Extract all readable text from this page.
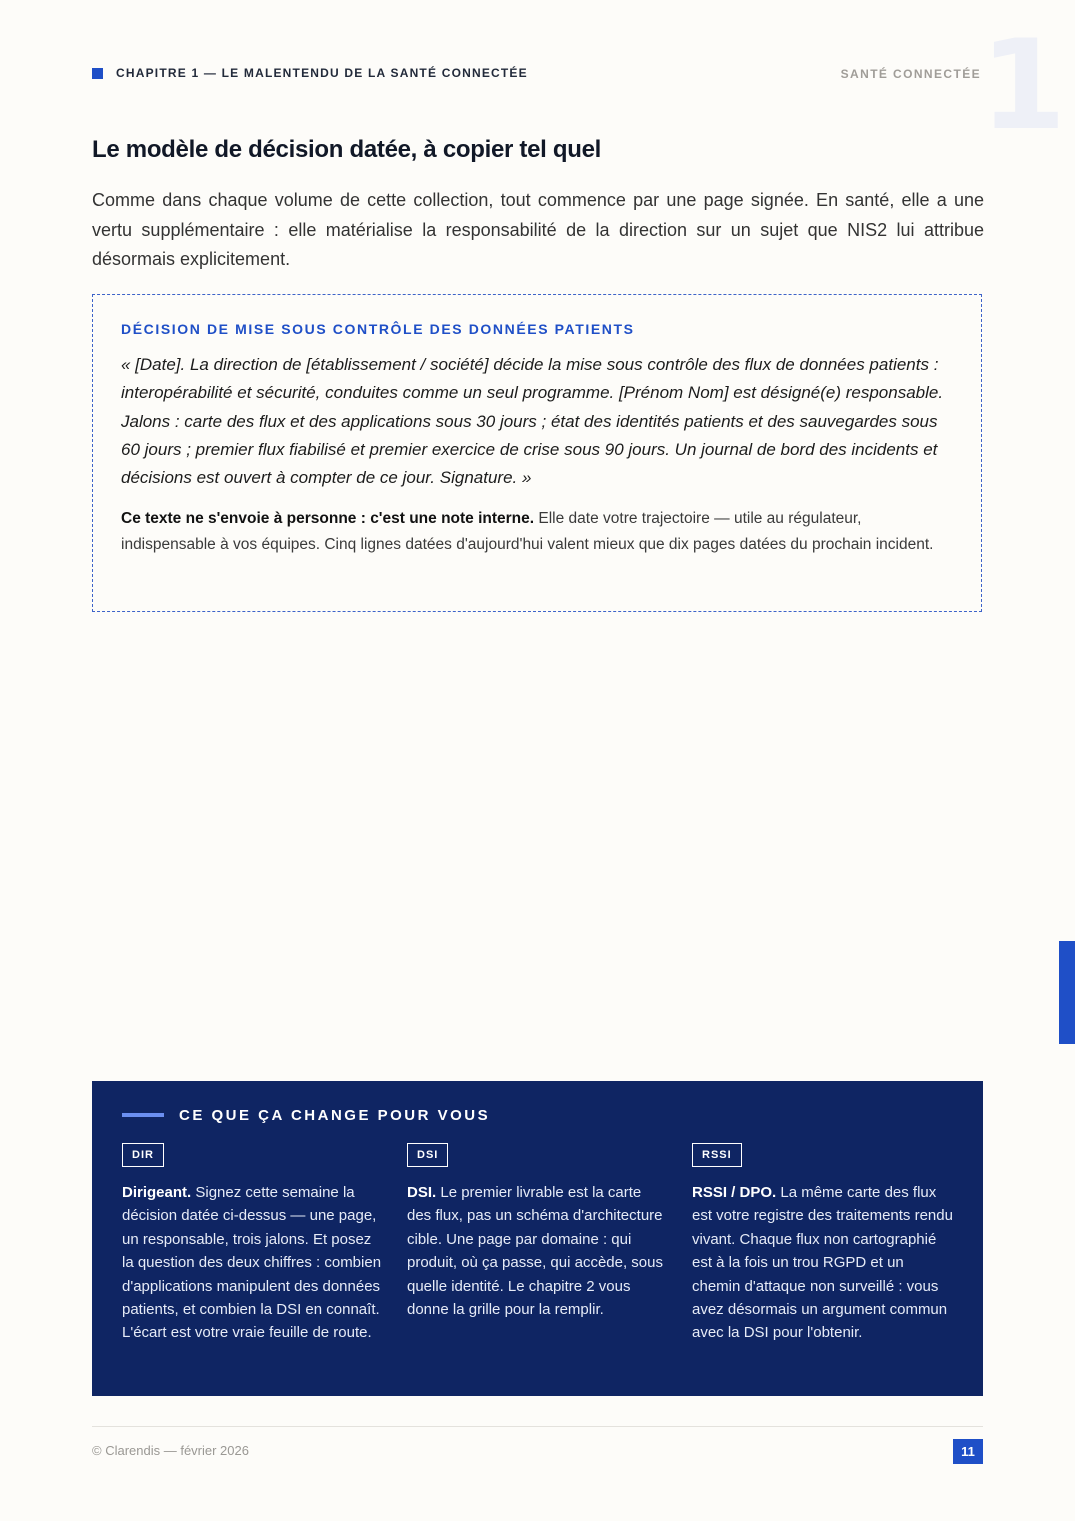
CHAPITRE 1 — LE MALENTENDU DE LA SANTÉ CONNECTÉE	SANTÉ CONNECTÉE 1
Le modèle de décision datée, à copier tel quel

Comme dans chaque volume de cette collection, tout commence par une page signée. En santé, elle a une vertu supplémentaire : elle matérialise la responsabilité de la direction sur un sujet que NIS2 lui attribue désormais explicitement.

DÉCISION DE MISE SOUS CONTRÔLE DES DONNÉES PATIENTS

« [Date]. La direction de [établissement / société] décide la mise sous contrôle des flux de données patients : interopérabilité et sécurité, conduites comme un seul programme. [Prénom Nom] est désigné(e) responsable. Jalons : carte des flux et des applications sous 30 jours ; état des identités patients et des sauvegardes sous 60 jours ; premier flux fiabilisé et premier exercice de crise sous 90 jours. Un journal de bord des incidents et décisions est ouvert à compter de ce jour. Signature. »

Ce texte ne s'envoie à personne : c'est une note interne. Elle date votre trajectoire — utile au régulateur, indispensable à vos équipes. Cinq lignes datées d'aujourd'hui valent mieux que dix pages datées du prochain incident.

CE QUE ÇA CHANGE POUR VOUS
DIR

Dirigeant. Signez cette semaine la décision datée ci-dessus — une page, un responsable, trois jalons. Et posez la question des deux chiffres : combien d'applications manipulent des données patients, et combien la DSI en connaît. L'écart est votre vraie feuille de route.

DSI

DSI. Le premier livrable est la carte des flux, pas un schéma d'architecture cible. Une page par domaine : qui produit, où ça passe, qui accède, sous quelle identité. Le chapitre 2 vous donne la grille pour la remplir.

RSSI

RSSI / DPO. La même carte des flux est votre registre des traitements rendu vivant. Chaque flux non cartographié est à la fois un trou RGPD et un chemin d'attaque non surveillé : vous avez désormais un argument commun avec la DSI pour l'obtenir.

© Clarendis — février 2026	11
